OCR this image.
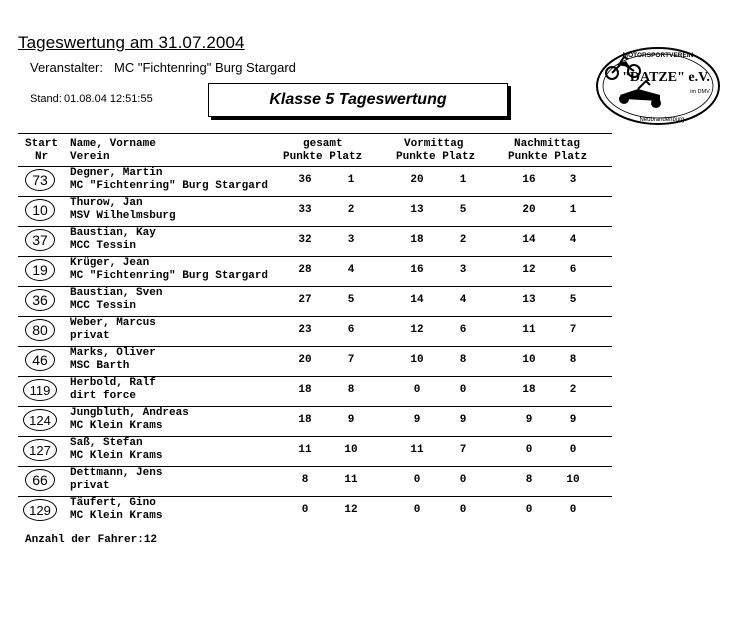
Tageswertung am 31.07.2004
Veranstalter: MC "Fichtenring" Burg Stargard
Stand: 01.08.04 12:51:55	Klasse 5 Tageswertung
MOTORSPORTVEREIN
"DATZE" e.V.
im DMV
Neubrandenburg
Start
Nr
Name, Vorname
Verein
gesamt
Punkte Platz
Vormittag
Punkte Platz
Nachmittag
Punkte Platz
73	Degner, Martin
MC "Fichtenring" Burg Stargard	36	1	20	1	16	3
10	Thurow, Jan
MSV Wilhelmsburg	33	2	13	5	20	1
37	Baustian, Kay
MCC Tessin	32	3	18	2	14	4
19	Krüger, Jean
MC "Fichtenring" Burg Stargard	28	4	16	3	12	6
36	Baustian, Sven
MCC Tessin	27	5	14	4	13	5
80	Weber, Marcus
privat	23	6	12	6	11	7
46	Marks, Oliver
MSC Barth	20	7	10	8	10	8
119	Herbold, Ralf
dirt force	18	8	0	0	18	2
124	Jungbluth, Andreas
MC Klein Krams	18	9	9	9	9	9
127	Saß, Stefan
MC Klein Krams	11	10	11	7	0	0
66	Dettmann, Jens
privat	8	11	0	0	8	10
129	Täufert, Gino
MC Klein Krams	0	12	0	0	0	0
Anzahl der Fahrer:12
